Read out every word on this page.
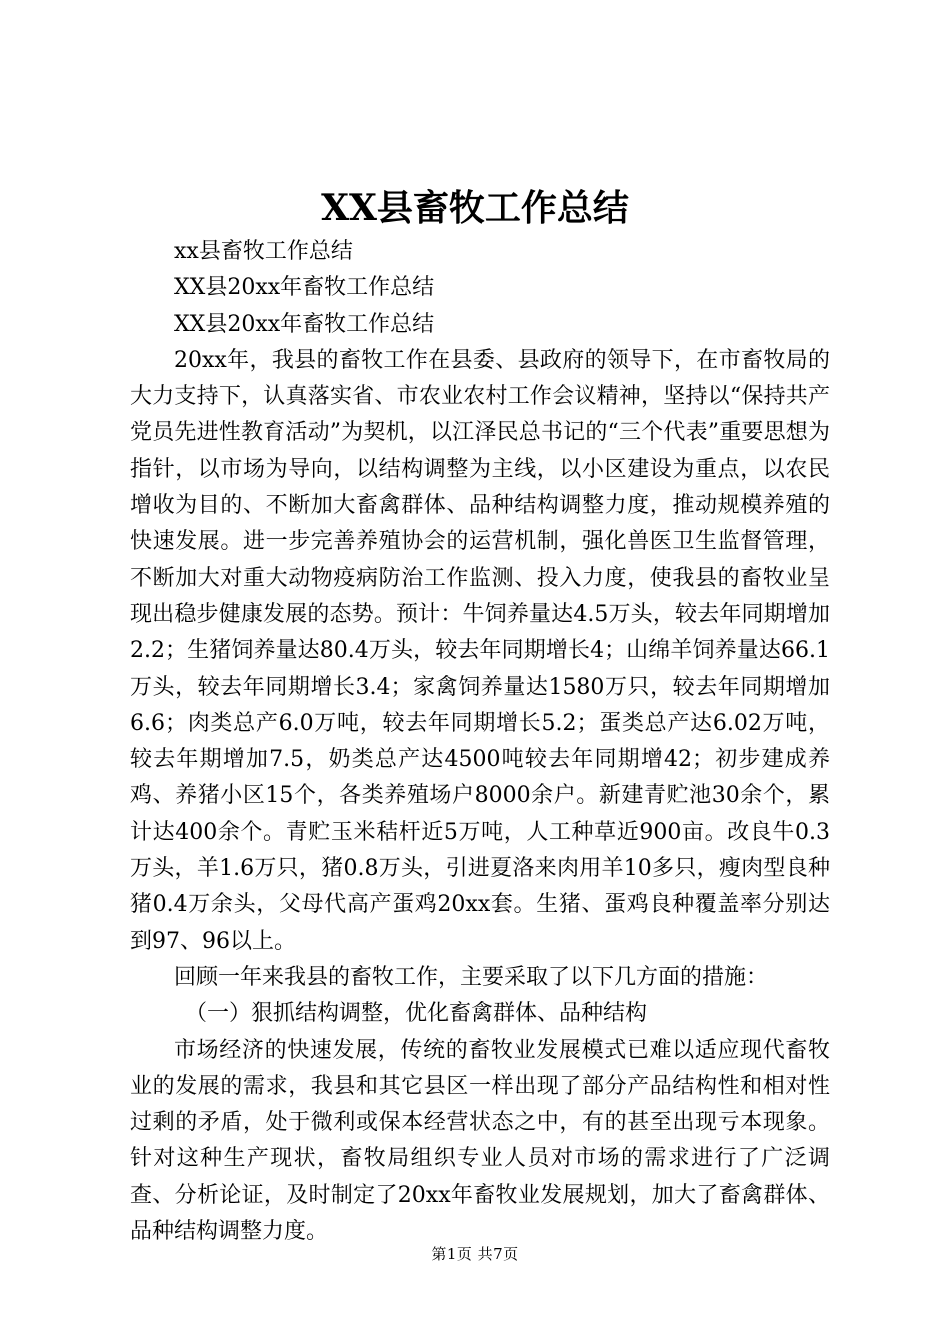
XX县畜牧工作总结

xx县畜牧工作总结

XX县20xx年畜牧工作总结

XX县20xx年畜牧工作总结

20xx年，我县的畜牧工作在县委、县政府的领导下，在市畜牧局的大力支持下，认真落实省、市农业农村工作会议精神，坚持以“保持共产党员先进性教育活动”为契机，以江泽民总书记的“三个代表”重要思想为指针，以市场为导向，以结构调整为主线，以小区建设为重点，以农民增收为目的、不断加大畜禽群体、品种结构调整力度，推动规模养殖的快速发展。进一步完善养殖协会的运营机制，强化兽医卫生监督管理，不断加大对重大动物疫病防治工作监测、投入力度，使我县的畜牧业呈现出稳步健康发展的态势。预计：牛饲养量达4.5万头，较去年同期增加2.2；生猪饲养量达80.4万头，较去年同期增长4；山绵羊饲养量达66.1万头，较去年同期增长3.4；家禽饲养量达1580万只，较去年同期增加6.6；肉类总产6.0万吨，较去年同期增长5.2；蛋类总产达6.02万吨，较去年期增加7.5，奶类总产达4500吨较去年同期增42；初步建成养鸡、养猪小区15个，各类养殖场户8000余户。新建青贮池30余个，累计达400余个。青贮玉米秸杆近5万吨，人工种草近900亩。改良牛0.3万头，羊1.6万只，猪0.8万头，引进夏洛来肉用羊10多只，瘦肉型良种猪0.4万余头，父母代高产蛋鸡20xx套。生猪、蛋鸡良种覆盖率分别达到97、96以上。

回顾一年来我县的畜牧工作，主要采取了以下几方面的措施：

（一）狠抓结构调整，优化畜禽群体、品种结构

市场经济的快速发展，传统的畜牧业发展模式已难以适应现代畜牧业的发展的需求，我县和其它县区一样出现了部分产品结构性和相对性过剩的矛盾，处于微利或保本经营状态之中，有的甚至出现亏本现象。针对这种生产现状，畜牧局组织专业人员对市场的需求进行了广泛调查、分析论证，及时制定了20xx年畜牧业发展规划，加大了畜禽群体、品种结构调整力度。

第1页 共7页
